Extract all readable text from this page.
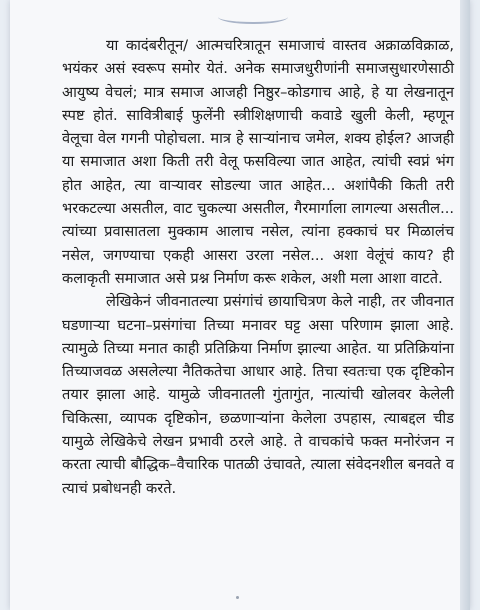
या कादंबरीतून/ आत्मचरित्रातून समाजाचं वास्तव अक्राळविक्राळ, भयंकर असं स्वरूप समोर येतं. अनेक समाजधुरीणांनी समाजसुधारणेसाठी आयुष्य वेचलं; मात्र समाज आजही निष्ठुर–कोडगाच आहे, हे या लेखनातून स्पष्ट होतं. सावित्रीबाई फुलेंनी स्त्रीशिक्षणाची कवाडे खुली केली, म्हणून वेलूचा वेल गगनी पोहोचला. मात्र हे साऱ्यांनाच जमेल, शक्य होईल? आजही या समाजात अशा किती तरी वेलू फसविल्या जात आहेत, त्यांची स्वप्नं भंग होत आहेत, त्या वाऱ्यावर सोडल्या जात आहेत... अशांपैकी किती तरी भरकटल्या असतील, वाट चुकल्या असतील, गैरमार्गाला लागल्या असतील... त्यांच्या प्रवासातला मुक्काम आलाच नसेल, त्यांना हक्काचं घर मिळालंच नसेल, जगण्याचा एकही आसरा उरला नसेल... अशा वेलूंचं काय? ही कलाकृती समाजात असे प्रश्न निर्माण करू शकेल, अशी मला आशा वाटते.

लेखिकेनं जीवनातल्या प्रसंगांचं छायाचित्रण केले नाही, तर जीवनात घडणाऱ्या घटना–प्रसंगांचा तिच्या मनावर घट्ट असा परिणाम झाला आहे. त्यामुळे तिच्या मनात काही प्रतिक्रिया निर्माण झाल्या आहेत. या प्रतिक्रियांना तिच्याजवळ असलेल्या नैतिकतेचा आधार आहे. तिचा स्वतःचा एक दृष्टिकोन तयार झाला आहे. यामुळे जीवनातली गुंतागुंत, नात्यांची खोलवर केलेली चिकित्सा, व्यापक दृष्टिकोन, छळणाऱ्यांना केलेला उपहास, त्याबद्दल चीड यामुळे लेखिकेचे लेखन प्रभावी ठरले आहे. ते वाचकांचे फक्त मनोरंजन न करता त्याची बौद्धिक–वैचारिक पातळी उंचावते, त्याला संवेदनशील बनवते व त्याचं प्रबोधनही करते.
